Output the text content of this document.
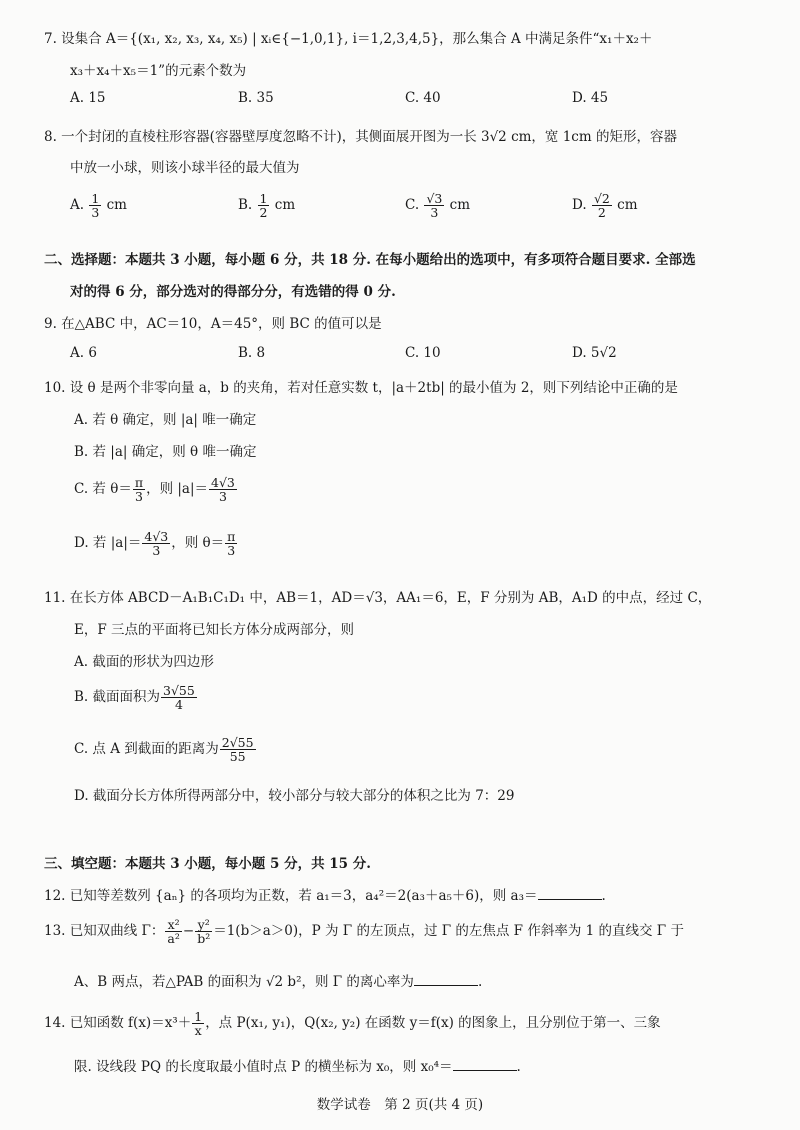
7. 设集合 A＝{(x₁, x₂, x₃, x₄, x₅) | xᵢ∈{−1,0,1}, i＝1,2,3,4,5}，那么集合 A 中满足条件“x₁＋x₂＋
x₃＋x₄＋x₅＝1”的元素个数为
A. 15	B. 35	C. 40	D. 45
8. 一个封闭的直棱柱形容器(容器壁厚度忽略不计)，其侧面展开图为一长 3√2 cm，宽 1cm 的矩形，容器
中放一小球，则该小球半径的最大值为
A. $\frac{1}{3}$ cm	B. $\frac{1}{2}$ cm	C. $\frac{√3}{3}$ cm	D. $\frac{√2}{2}$ cm
二、选择题：本题共 3 小题，每小题 6 分，共 18 分. 在每小题给出的选项中，有多项符合题目要求. 全部选
对的得 6 分，部分选对的得部分分，有选错的得 0 分.
9. 在△ABC 中，AC＝10，A＝45°，则 BC 的值可以是
A. 6	B. 8	C. 10	D. 5√2
10. 设 θ 是两个非零向量 a，b 的夹角，若对任意实数 t，|a＋2tb| 的最小值为 2，则下列结论中正确的是
A. 若 θ 确定，则 |a| 唯一确定
B. 若 |a| 确定，则 θ 唯一确定
C. 若 $\theta= \frac{\pi}{3}$ ，则 $|a|= \frac{4√3}{3}$
D. 若 $|a|= \frac{4√3}{3}$ ，则 $\theta= \frac{\pi}{3}$
11. 在长方体 ABCD－A₁B₁C₁D₁ 中，AB＝1，AD＝√3，AA₁＝6，E，F 分别为 AB，A₁D 的中点，经过 C，
E，F 三点的平面将已知长方体分成两部分，则
A. 截面的形状为四边形
B. 截面面积为 $\frac{3√55}{4}$
C. 点 A 到截面的距离为 $\frac{2√55}{55}$
D. 截面分长方体所得两部分中，较小部分与较大部分的体积之比为 7：29
三、填空题：本题共 3 小题，每小题 5 分，共 15 分.
12. 已知等差数列 {aₙ} 的各项均为正数，若 a₁＝3，a₄²＝2(a₃＋a₅＋6)，则 a₃＝	.
13. 已知双曲线 Γ： $\frac{\text{x²}}{\text{a²}} - \frac{\text{y²}}{\text{b²}} =1(b>a>0)$，P 为 Γ 的左顶点，过 Γ 的左焦点 F 作斜率为 1 的直线交 Γ 于
A、B 两点，若△PAB 的面积为 √2 b²，则 Γ 的离心率为	.
14. 已知函数 $f(x)=x^3+ \frac{1}{x}$ ，点 P(x₁, y₁)，Q(x₂, y₂) 在函数 y＝f(x) 的图象上，且分别位于第一、三象
限. 设线段 PQ 的长度取最小值时点 P 的横坐标为 x₀，则 x₀⁴＝	.
数学试卷　第 2 页(共 4 页)
